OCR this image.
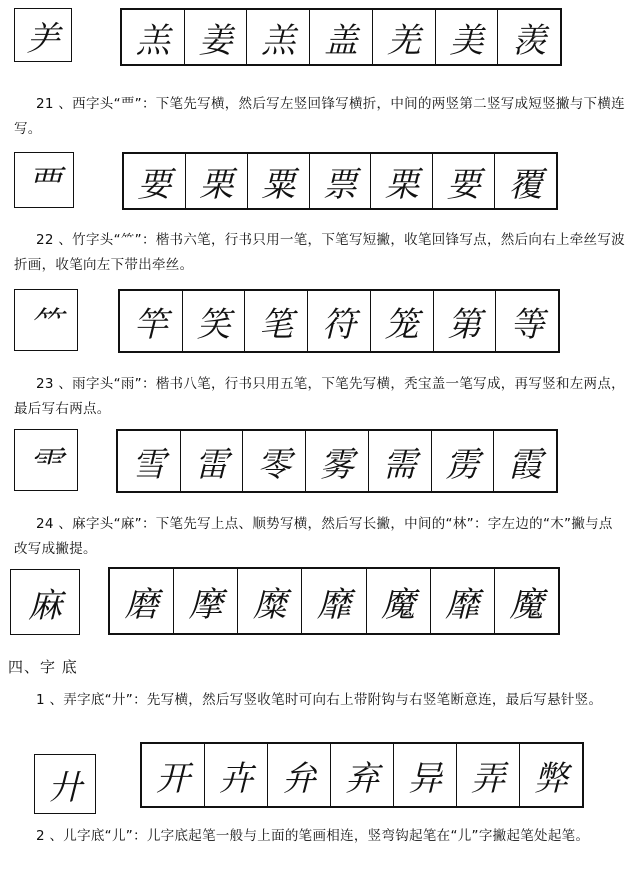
⺶	羔 姜 羔 盖 羌 美 羡
21 、西字头“覀”：下笔先写横，然后写左竖回锋写横折，中间的两竖第二竖写成短竖撇与下横连写。
覀	要 栗 粟 票 栗 要 覆
22 、竹字头“⺮”：楷书六笔，行书只用一笔，下笔写短撇，收笔回锋写点，然后向右上牵丝写波折画，收笔向左下带出牵丝。
⺮	竿 笑 笔 符 笼 第 等
23 、雨字头“雨”：楷书八笔，行书只用五笔，下笔先写横，秃宝盖一笔写成，再写竖和左两点，最后写右两点。
⻗	雪 雷 零 雾 需 雳 霞
24 、麻字头“麻”：下笔先写上点、顺势写横，然后写长撇，中间的“林”：字左边的“木”撇与点改写成撇提。
麻	磨 摩 糜 靡 魔 靡 魔
四、字 底
1 、弄字底“廾”：先写横，然后写竖收笔时可向右上带附钩与右竖笔断意连，最后写悬针竖。
廾	开 卉 弁 弃 异 弄 弊
2 、儿字底“儿”：儿字底起笔一般与上面的笔画相连，竖弯钩起笔在“儿”字撇起笔处起笔。
